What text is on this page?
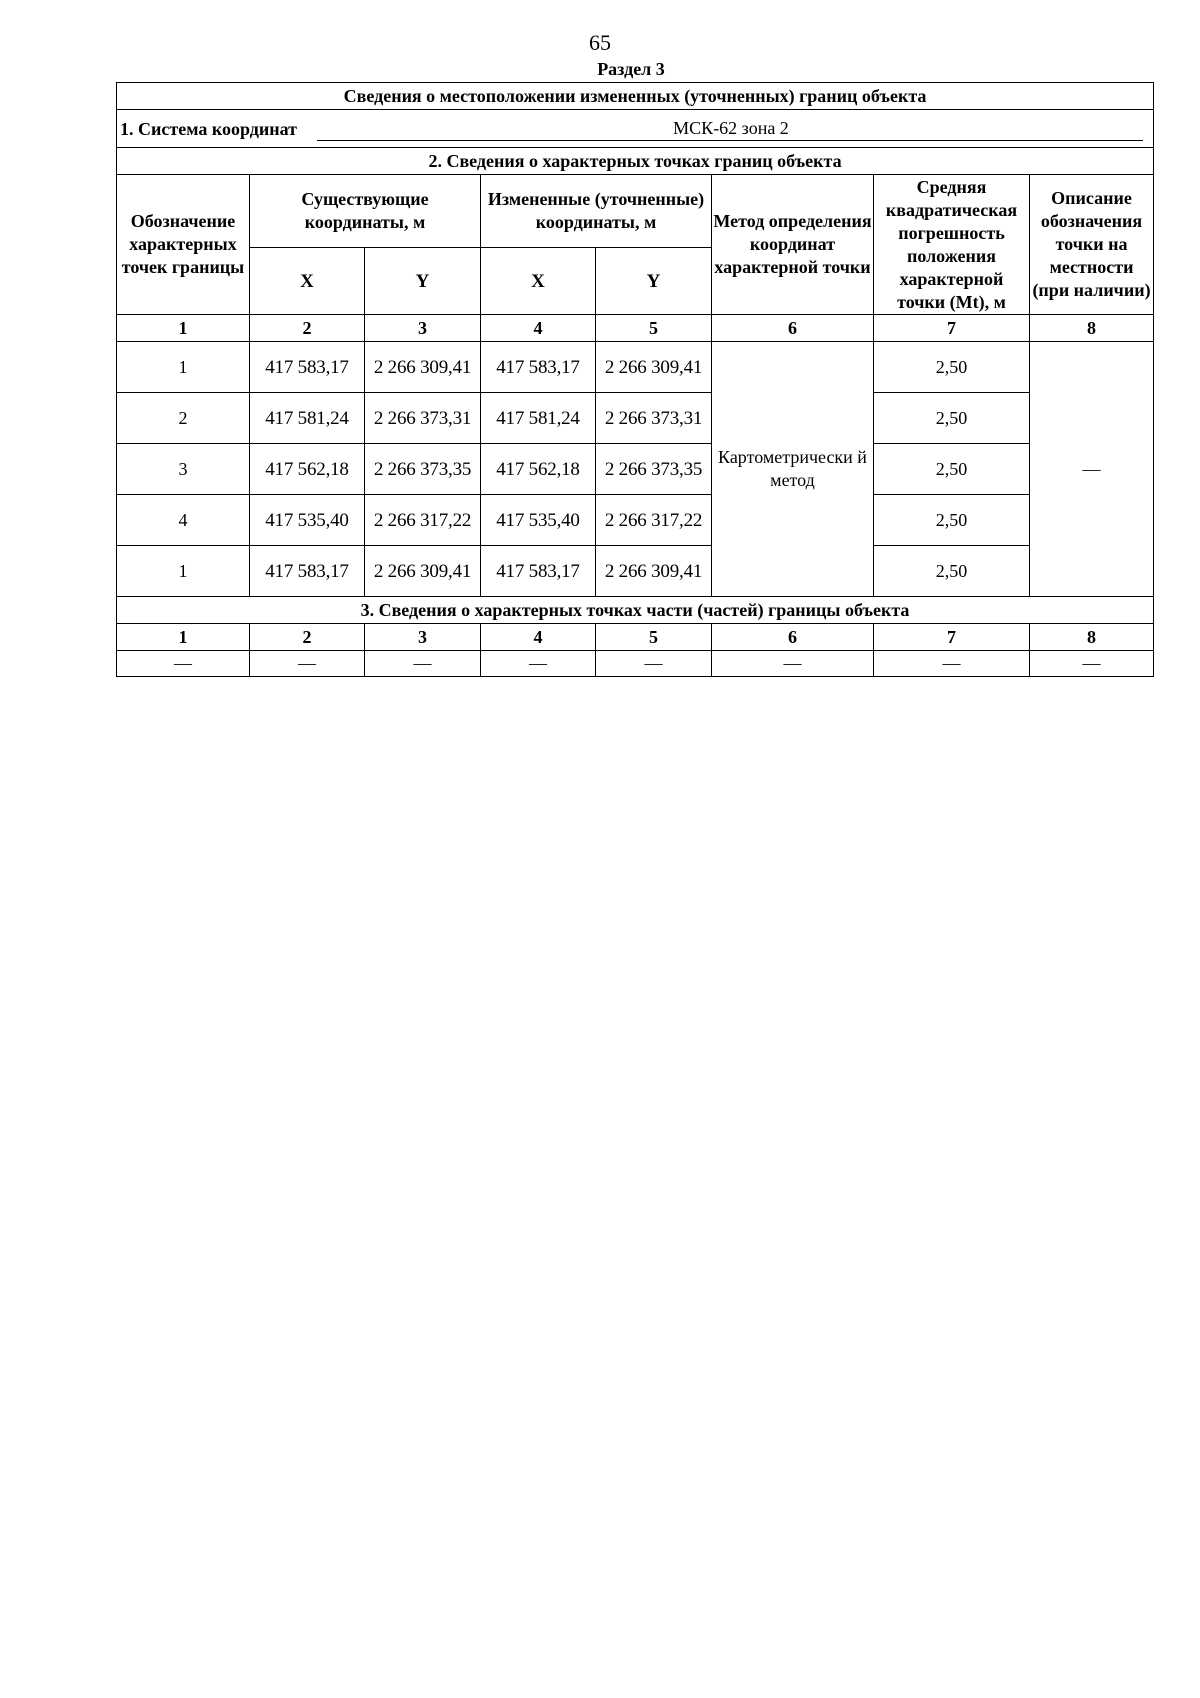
65
Раздел 3
Сведения о местоположении измененных (уточненных) границ объекта							

1. Система координат МСК-62 зона 2							

2. Сведения о характерных точках границ объекта							
Обозначение характерных точек границы	Существующие координаты, м		Измененные (уточненные) координаты, м		Метод определения координат характерной точки	Средняя квадратическая погрешность положения характерной точки (Mt), м	Описание обозначения точки на местности (при наличии)
	X	Y	X	Y			
1	2	3	4	5	6	7	8
1	417 583,17	2 266 309,41	417 583,17	2 266 309,41	Картометрически й метод	2,50	—
2	417 581,24	2 266 373,31	417 581,24	2 266 373,31		2,50	
3	417 562,18	2 266 373,35	417 562,18	2 266 373,35		2,50	
4	417 535,40	2 266 317,22	417 535,40	2 266 317,22		2,50	
1	417 583,17	2 266 309,41	417 583,17	2 266 309,41		2,50	
3. Сведения о характерных точках части (частей) границы объекта							
1	2	3	4	5	6	7	8
—	—	—	—	—	—	—	—
